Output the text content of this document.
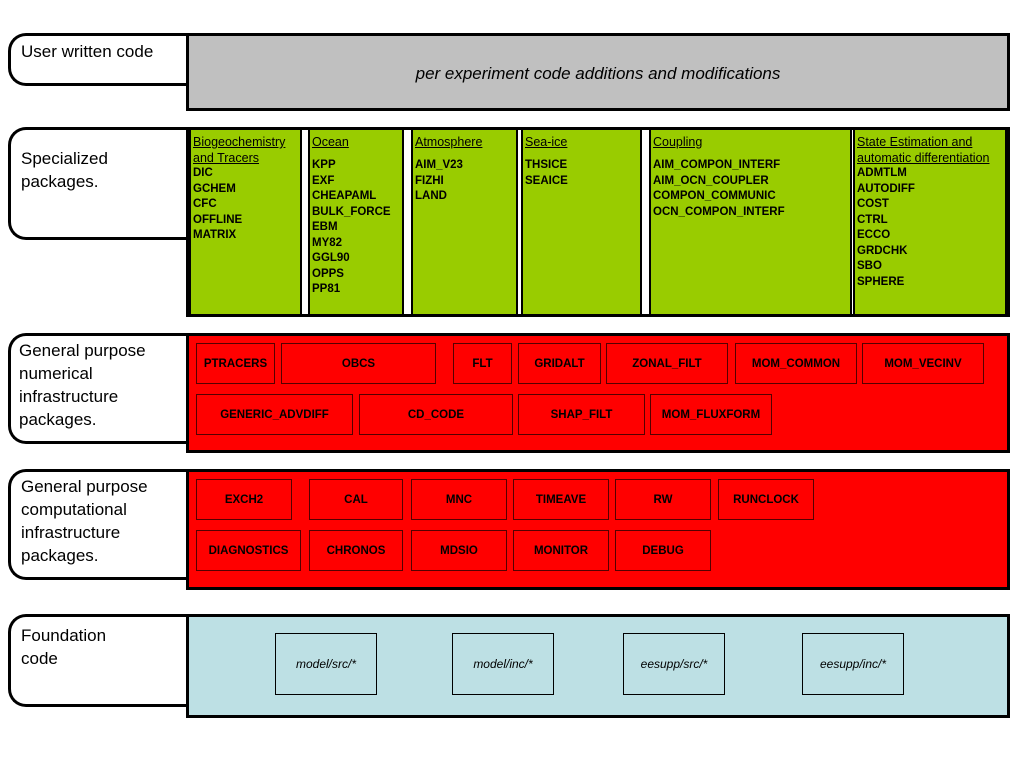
User written code
per experiment code additions and modifications
Specialized packages.
Biogeochemistry and Tracers
DIC
GCHEM
CFC
OFFLINE
MATRIX
Ocean
KPP
EXF
CHEAPAML
BULK_FORCE
EBM
MY82
GGL90
OPPS
PP81
Atmosphere
AIM_V23
FIZHI
LAND
Sea-ice
THSICE
SEAICE
Coupling
AIM_COMPON_INTERF
AIM_OCN_COUPLER
COMPON_COMMUNIC
OCN_COMPON_INTERF
State Estimation and automatic differentiation
ADMTLM
AUTODIFF
COST
CTRL
ECCO
GRDCHK
SBO
SPHERE
General purpose numerical infrastructure packages.
PTRACERS	OBCS	FLT	GRIDALT	ZONAL_FILT	MOM_COMMON	MOM_VECINV
GENERIC_ADVDIFF	CD_CODE	SHAP_FILT	MOM_FLUXFORM
General purpose computational infrastructure packages.
EXCH2	CAL	MNC	TIMEAVE	RW	RUNCLOCK
DIAGNOSTICS	CHRONOS	MDSIO	MONITOR	DEBUG
Foundation code	model/src/*	model/inc/*	eesupp/src/*	eesupp/inc/*
